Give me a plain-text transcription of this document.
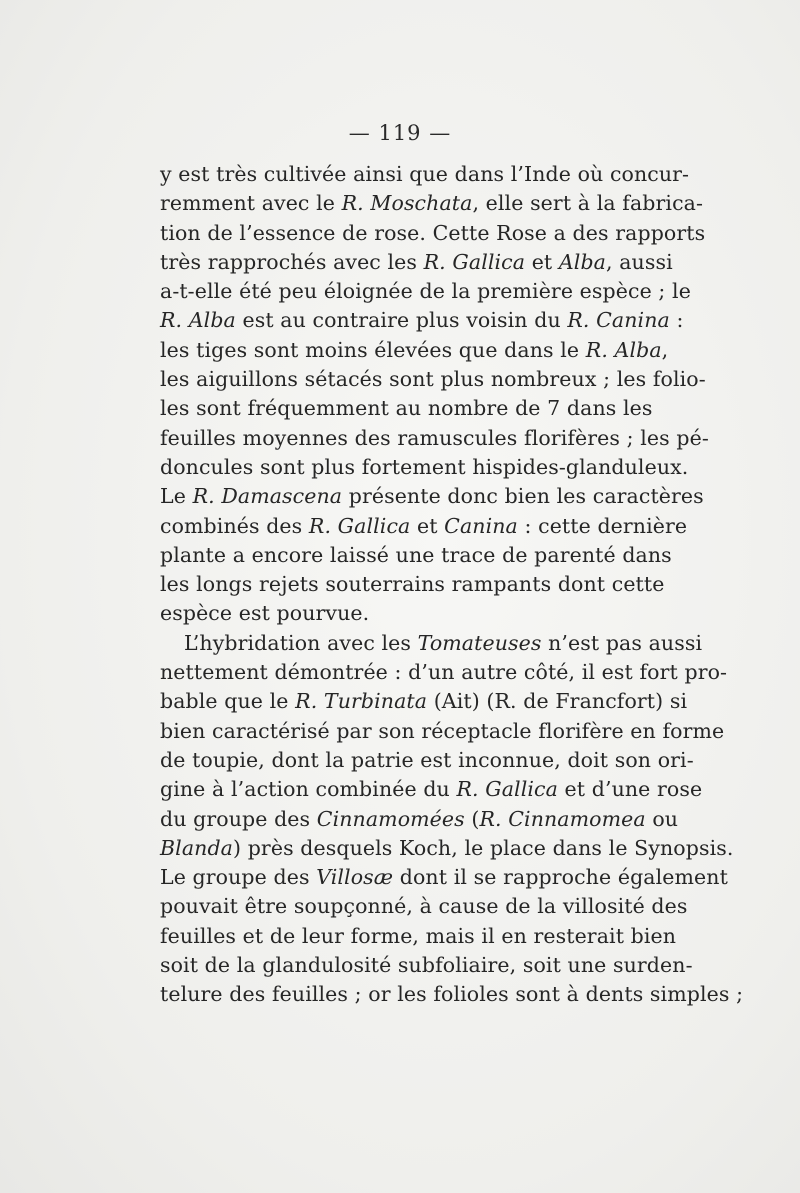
— 119 —
y est très cultivée ainsi que dans l’Inde où concur-
remment avec le R. Moschata, elle sert à la fabrica-
tion de l’essence de rose. Cette Rose a des rapports
très rapprochés avec les R. Gallica et Alba, aussi
a-t-elle été peu éloignée de la première espèce ; le
R. Alba est au contraire plus voisin du R. Canina :
les tiges sont moins élevées que dans le R. Alba,
les aiguillons sétacés sont plus nombreux ; les folio-
les sont fréquemment au nombre de 7 dans les
feuilles moyennes des ramuscules florifères ; les pé-
doncules sont plus fortement hispides-glanduleux.
Le R. Damascena présente donc bien les caractères
combinés des R. Gallica et Canina : cette dernière
plante a encore laissé une trace de parenté dans
les longs rejets souterrains rampants dont cette
espèce est pourvue.
L’hybridation avec les Tomateuses n’est pas aussi
nettement démontrée : d’un autre côté, il est fort pro-
bable que le R. Turbinata (Ait) (R. de Francfort) si
bien caractérisé par son réceptacle florifère en forme
de toupie, dont la patrie est inconnue, doit son ori-
gine à l’action combinée du R. Gallica et d’une rose
du groupe des Cinnamomées (R. Cinnamomea ou
Blanda) près desquels Koch, le place dans le Synopsis.
Le groupe des Villosæ dont il se rapproche également
pouvait être soupçonné, à cause de la villosité des
feuilles et de leur forme, mais il en resterait bien
soit de la glandulosité subfoliaire, soit une surden-
telure des feuilles ; or les folioles sont à dents simples ;
